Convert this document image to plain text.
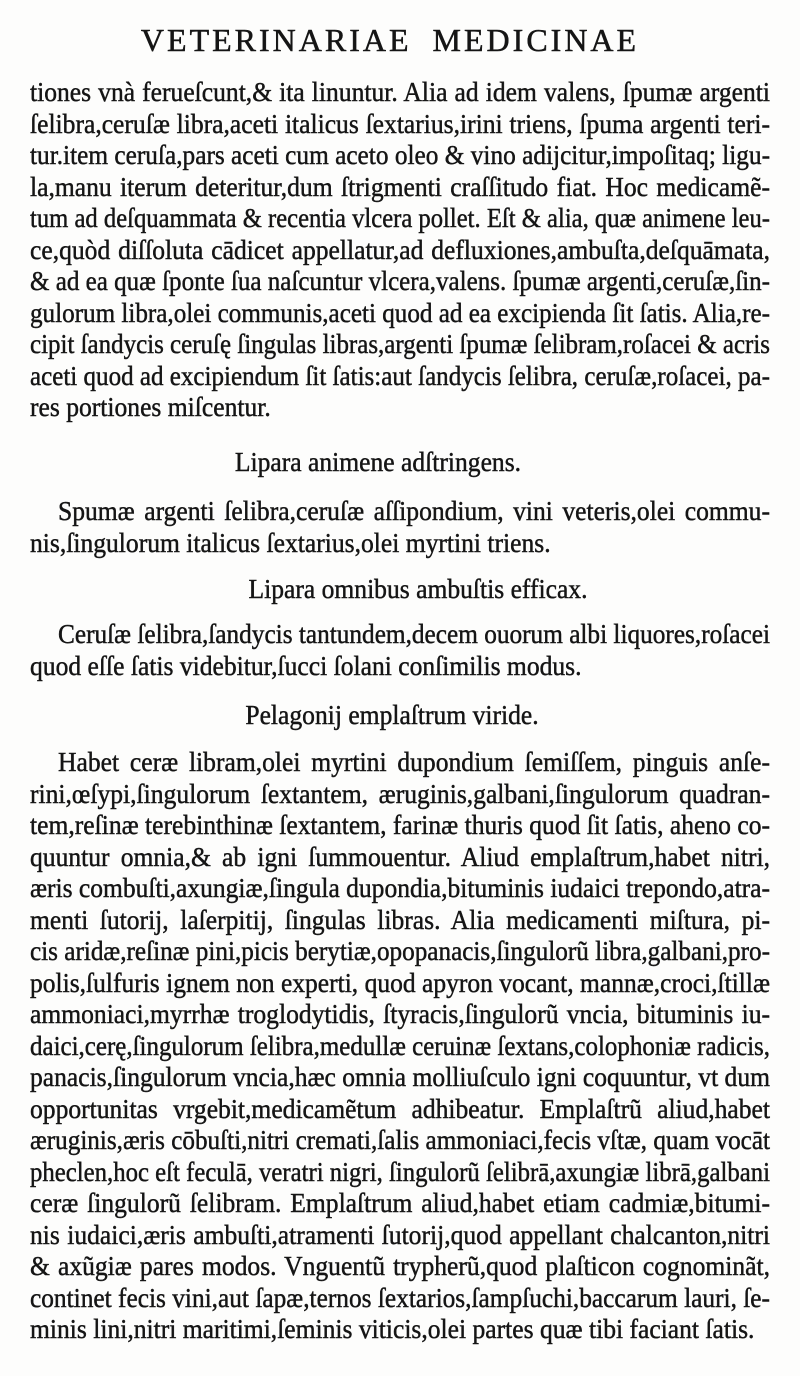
VETERINARIAE MEDICINAE
tiones vnà ferueſcunt,& ita linuntur. Alia ad idem valens, ſpumæ argenti
ſelibra,ceruſæ libra,aceti italicus ſextarius,irini triens, ſpuma argenti teri-
tur.item ceruſa,pars aceti cum aceto oleo & vino adijcitur,impoſitaq; ligu-
la,manu iterum deteritur,dum ſtrigmenti craſſitudo fiat. Hoc medicamẽ-
tum ad deſquammata & recentia vlcera pollet. Eſt & alia, quæ animene leu-
ce,quòd diſſoluta cādicet appellatur,ad defluxiones,ambuſta,deſquāmata,
& ad ea quæ ſponte ſua naſcuntur vlcera,valens. ſpumæ argenti,ceruſæ,ſin-
gulorum libra,olei communis,aceti quod ad ea excipienda ſit ſatis. Alia,re-
cipit ſandycis ceruſę ſingulas libras,argenti ſpumæ ſelibram,roſacei & acris
aceti quod ad excipiendum ſit ſatis:aut ſandycis ſelibra, ceruſæ,roſacei, pa-
res portiones miſcentur.
Lipara animene adſtringens.
Spumæ argenti ſelibra,ceruſæ aſſipondium, vini veteris,olei commu-
nis,ſingulorum italicus ſextarius,olei myrtini triens.
Lipara omnibus ambuſtis efficax.
Ceruſæ ſelibra,ſandycis tantundem,decem ouorum albi liquores,roſacei
quod eſſe ſatis videbitur,ſucci ſolani conſimilis modus.
Pelagonij emplaſtrum viride.
Habet ceræ libram,olei myrtini dupondium ſemiſſem, pinguis anſe-
rini,œſypi,ſingulorum ſextantem, æruginis,galbani,ſingulorum quadran-
tem,reſinæ terebinthinæ ſextantem, farinæ thuris quod ſit ſatis, aheno co-
quuntur omnia,& ab igni ſummouentur. Aliud emplaſtrum,habet nitri,
æris combuſti,axungiæ,ſingula dupondia,bituminis iudaici trepondo,atra-
menti ſutorij, laſerpitij, ſingulas libras. Alia medicamenti miſtura, pi-
cis aridæ,reſinæ pini,picis berytiæ,opopanacis,ſingulorũ libra,galbani,pro-
polis,ſulfuris ignem non experti, quod apyron vocant, mannæ,croci,ſtillæ
ammoniaci,myrrhæ troglodytidis, ſtyracis,ſingulorũ vncia, bituminis iu-
daici,cerę,ſingulorum ſelibra,medullæ ceruinæ ſextans,colophoniæ radicis,
panacis,ſingulorum vncia,hæc omnia molliuſculo igni coquuntur, vt dum
opportunitas vrgebit,medicamẽtum adhibeatur. Emplaſtrũ aliud,habet
æruginis,æris cōbuſti,nitri cremati,ſalis ammoniaci,fecis vſtæ, quam vocāt
pheclen,hoc eſt feculā, veratri nigri, ſingulorũ ſelibrā,axungiæ librā,galbani
ceræ ſingulorũ ſelibram. Emplaſtrum aliud,habet etiam cadmiæ,bitumi-
nis iudaici,æris ambuſti,atramenti ſutorij,quod appellant chalcanton,nitri
& axũgiæ pares modos. Vnguentũ trypherũ,quod plaſticon cognominãt,
continet fecis vini,aut ſapæ,ternos ſextarios,ſampſuchi,baccarum lauri, ſe-
minis lini,nitri maritimi,ſeminis viticis,olei partes quæ tibi faciant ſatis.
